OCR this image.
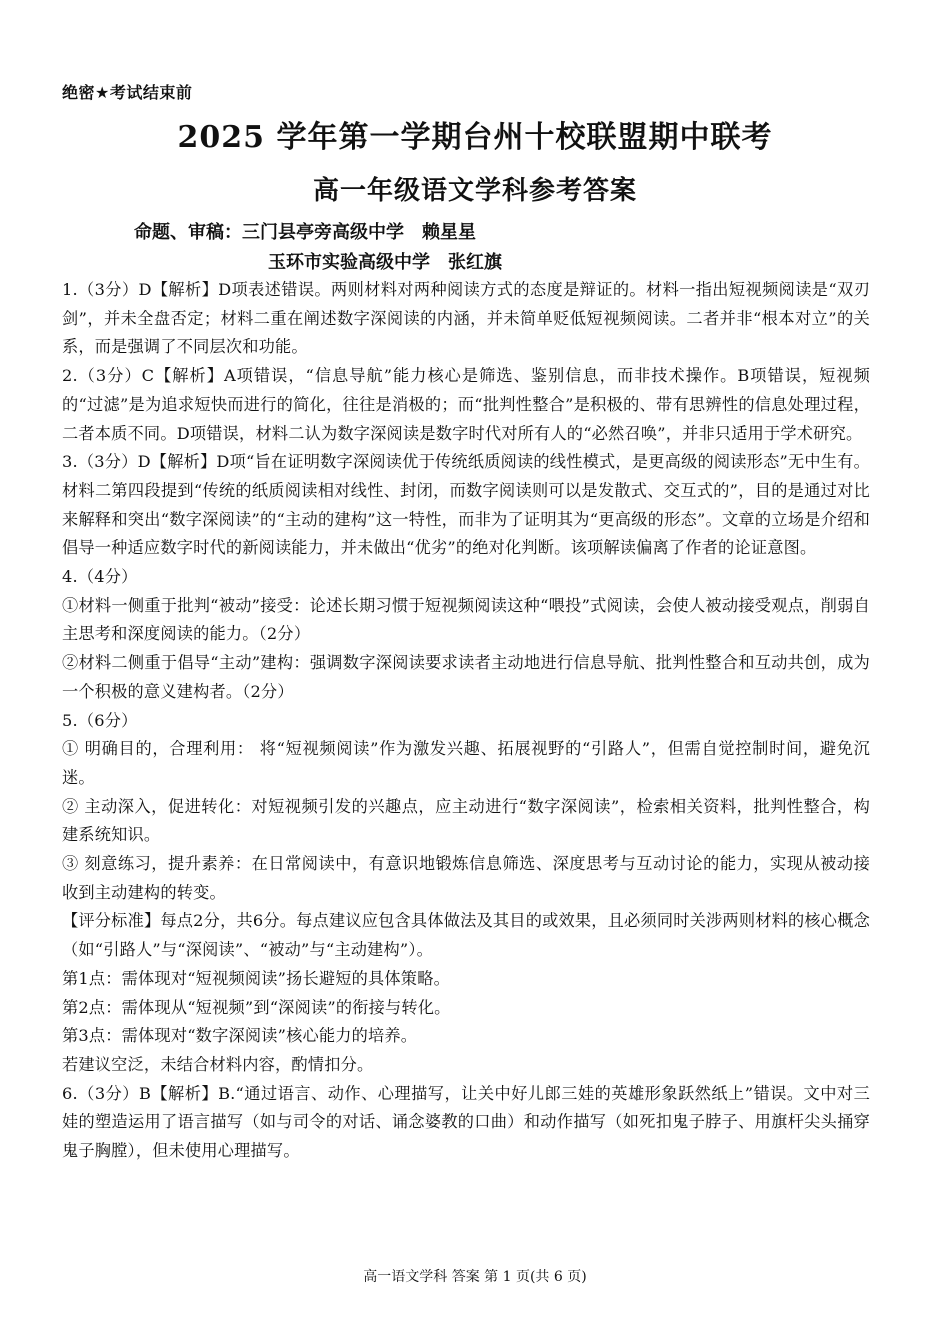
绝密★考试结束前
2025 学年第一学期台州十校联盟期中联考
高一年级语文学科参考答案
命题、审稿：三门县亭旁高级中学　赖星星
玉环市实验高级中学　张红旗

1.（3分）D【解析】D项表述错误。两则材料对两种阅读方式的态度是辩证的。材料一指出短视频阅读是“双刃剑”，并未全盘否定；材料二重在阐述数字深阅读的内涵，并未简单贬低短视频阅读。二者并非“根本对立”的关系，而是强调了不同层次和功能。

2.（3分）C【解析】A项错误，“信息导航”能力核心是筛选、鉴别信息，而非技术操作。B项错误，短视频的“过滤”是为追求短快而进行的简化，往往是消极的；而“批判性整合”是积极的、带有思辨性的信息处理过程，二者本质不同。D项错误，材料二认为数字深阅读是数字时代对所有人的“必然召唤”，并非只适用于学术研究。

3.（3分）D【解析】D项“旨在证明数字深阅读优于传统纸质阅读的线性模式，是更高级的阅读形态”无中生有。材料二第四段提到“传统的纸质阅读相对线性、封闭，而数字阅读则可以是发散式、交互式的”，目的是通过对比来解释和突出“数字深阅读”的“主动的建构”这一特性，而非为了证明其为“更高级的形态”。文章的立场是介绍和倡导一种适应数字时代的新阅读能力，并未做出“优劣”的绝对化判断。该项解读偏离了作者的论证意图。

4.（4分）

①材料一侧重于批判“被动”接受：论述长期习惯于短视频阅读这种“喂投”式阅读，会使人被动接受观点，削弱自主思考和深度阅读的能力。（2分）

②材料二侧重于倡导“主动”建构：强调数字深阅读要求读者主动地进行信息导航、批判性整合和互动共创，成为一个积极的意义建构者。（2分）

5.（6分）

① 明确目的，合理利用： 将“短视频阅读”作为激发兴趣、拓展视野的“引路人”，但需自觉控制时间，避免沉迷。

② 主动深入，促进转化：对短视频引发的兴趣点，应主动进行“数字深阅读”，检索相关资料，批判性整合，构建系统知识。

③ 刻意练习，提升素养：在日常阅读中，有意识地锻炼信息筛选、深度思考与互动讨论的能力，实现从被动接收到主动建构的转变。

【评分标准】每点2分，共6分。每点建议应包含具体做法及其目的或效果，且必须同时关涉两则材料的核心概念（如“引路人”与“深阅读”、“被动”与“主动建构”）。

第1点：需体现对“短视频阅读”扬长避短的具体策略。

第2点：需体现从“短视频”到“深阅读”的衔接与转化。

第3点：需体现对“数字深阅读”核心能力的培养。

若建议空泛，未结合材料内容，酌情扣分。

6.（3分）B【解析】B.“通过语言、动作、心理描写，让关中好儿郎三娃的英雄形象跃然纸上”错误。文中对三娃的塑造运用了语言描写（如与司令的对话、诵念婆教的口曲）和动作描写（如死扣鬼子脖子、用旗杆尖头捅穿鬼子胸膛），但未使用心理描写。

高一语文学科 答案 第 1 页(共 6 页)
